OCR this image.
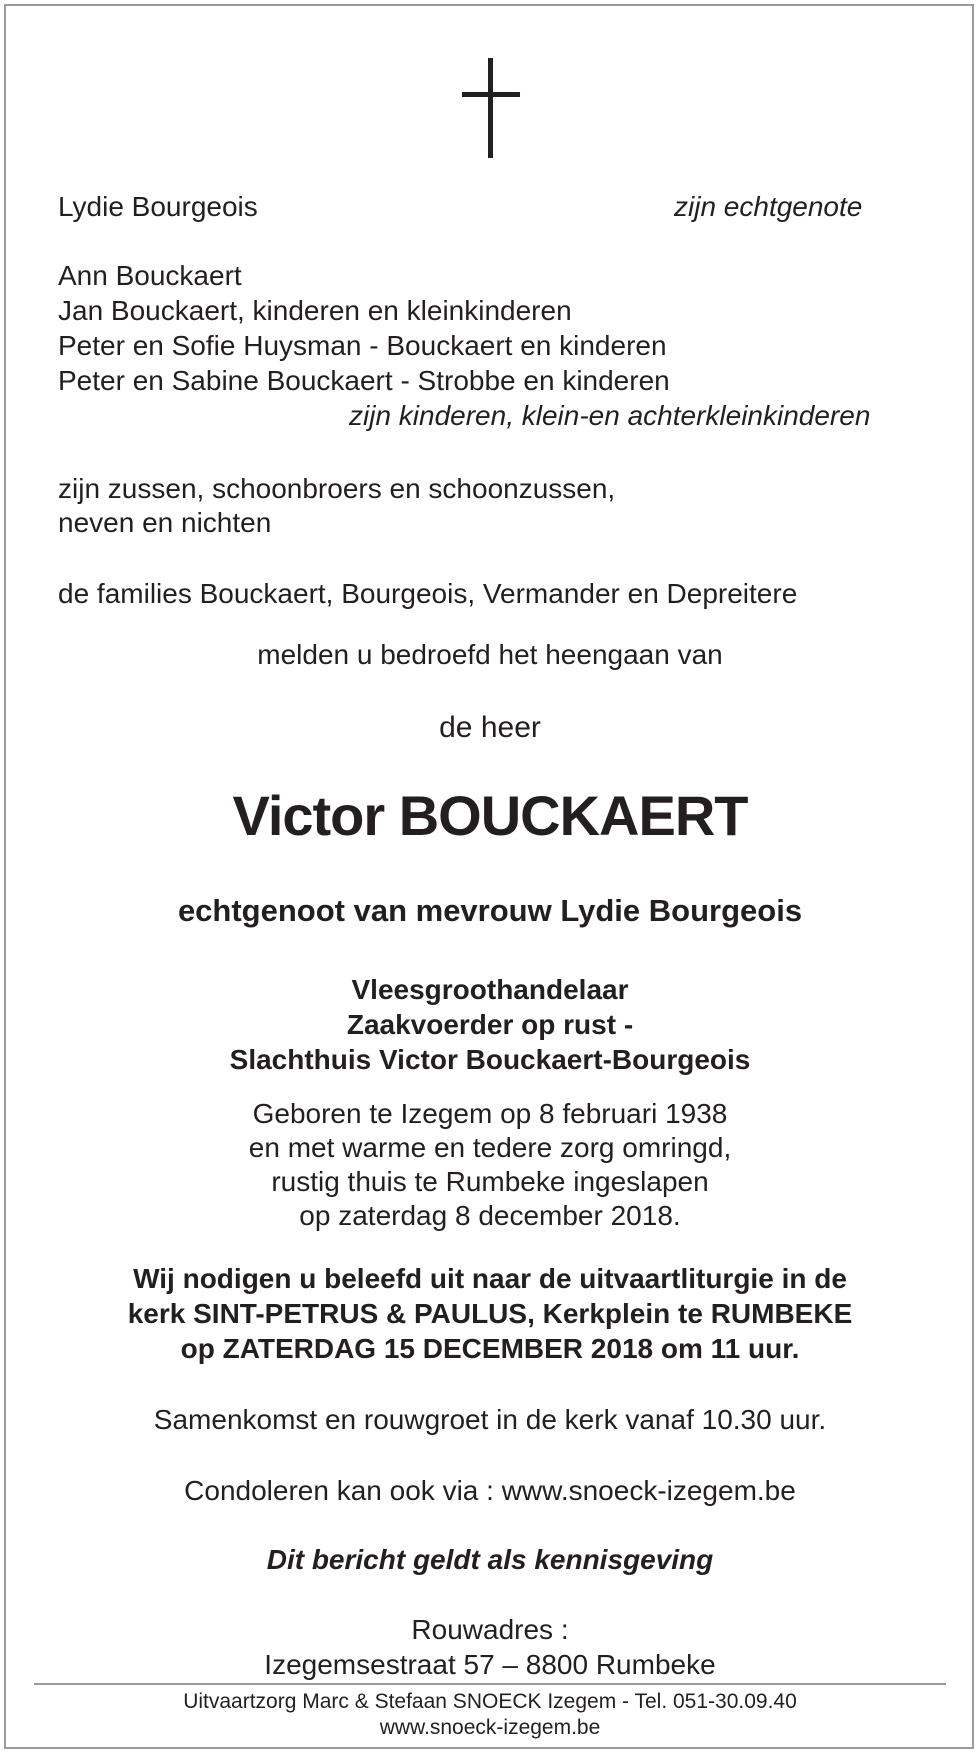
Lydie Bourgeois	zijn echtgenote
Ann Bouckaert
Jan Bouckaert, kinderen en kleinkinderen
Peter en Sofie Huysman - Bouckaert en kinderen
Peter en Sabine Bouckaert - Strobbe en kinderen
zijn kinderen, klein-en achterkleinkinderen
zijn zussen, schoonbroers en schoonzussen,
neven en nichten
de families Bouckaert, Bourgeois, Vermander en Depreitere
melden u bedroefd het heengaan van
de heer
Victor BOUCKAERT
echtgenoot van mevrouw Lydie Bourgeois
Vleesgroothandelaar
Zaakvoerder op rust -
Slachthuis Victor Bouckaert-Bourgeois
Geboren te Izegem op 8 februari 1938
en met warme en tedere zorg omringd,
rustig thuis te Rumbeke ingeslapen
op zaterdag 8 december 2018.
Wij nodigen u beleefd uit naar de uitvaartliturgie in de
kerk SINT-PETRUS & PAULUS, Kerkplein te RUMBEKE
op ZATERDAG 15 DECEMBER 2018 om 11 uur.
Samenkomst en rouwgroet in de kerk vanaf 10.30 uur.
Condoleren kan ook via : www.snoeck-izegem.be
Dit bericht geldt als kennisgeving
Rouwadres :
Izegemsestraat 57 – 8800 Rumbeke
Uitvaartzorg Marc & Stefaan SNOECK Izegem - Tel. 051-30.09.40
www.snoeck-izegem.be
